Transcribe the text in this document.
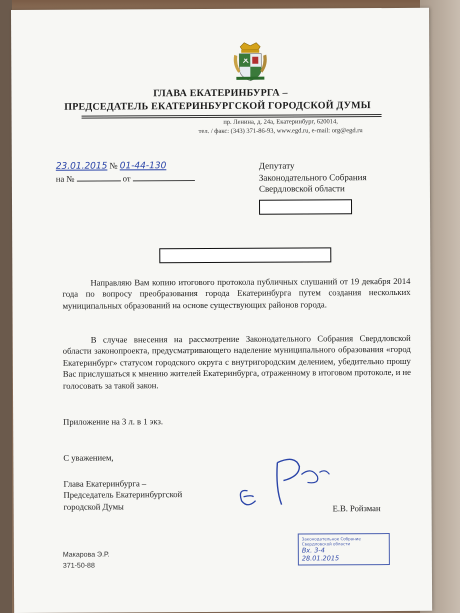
ГЛАВА ЕКАТЕРИНБУРГА –
ПРЕДСЕДАТЕЛЬ ЕКАТЕРИНБУРГСКОЙ ГОРОДСКОЙ ДУМЫ
пр. Ленина, д. 24а, Екатеринбург, 620014,
тел. / факс: (343) 371-86-93, www.egd.ru, e-mail: org@egd.ru
23.01.2015 № 01-44-130
на №	от
Депутату
Законодательного Собрания
Свердловской области
Направляю Вам копию итогового протокола публичных слушаний от 19 декабря 2014 года по вопросу преобразования города Екатеринбурга путем создания нескольких муниципальных образований на основе существующих районов города.
В случае внесения на рассмотрение Законодательного Собрания Свердловской области законопроекта, предусматривающего наделение муниципального образования «город Екатеринбург» статусом городского округа с внутригородским делением, убедительно прошу Вас прислушаться к мнению жителей Екатеринбурга, отраженному в итоговом протоколе, и не голосовать за такой закон.
Приложение на 3 л. в 1 экз.
С уважением,
Глава Екатеринбурга –
Председатель Екатеринбургской
городской Думы	Е.В. Ройзман
Законодательное Собрание Свердловской области
Вх. 3-4
28.01.2015
Макарова Э.Р.
371-50-88
